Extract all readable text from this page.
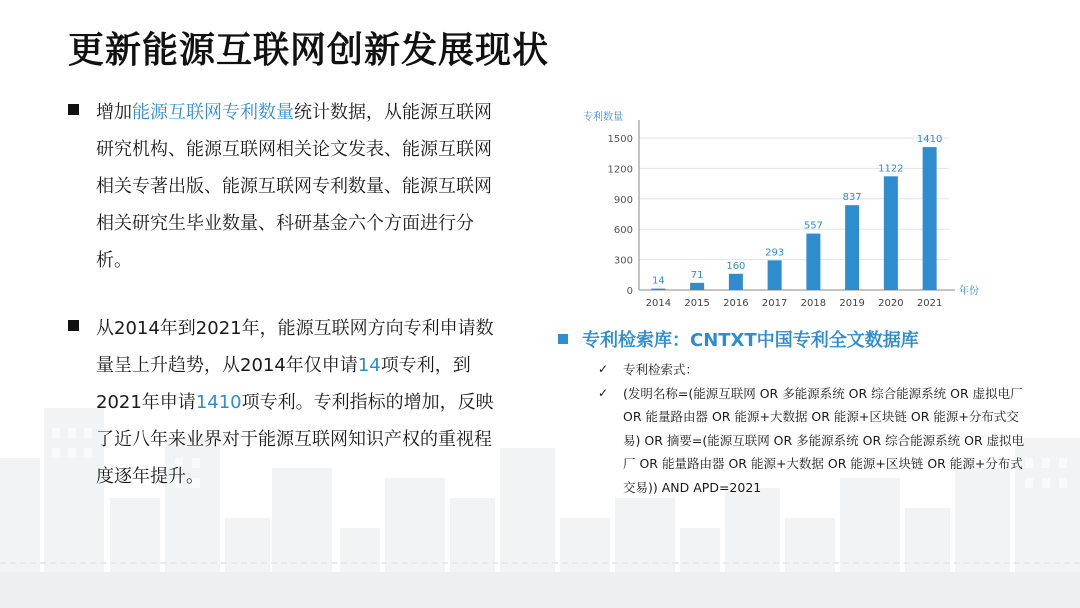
更新能源互联网创新发展现状

增加能源互联网专利数量统计数据，从能源互联网研究机构、能源互联网相关论文发表、能源互联网相关专著出版、能源互联网专利数量、能源互联网相关研究生毕业数量、科研基金六个方面进行分析。

从2014年到2021年，能源互联网方向专利申请数量呈上升趋势，从2014年仅申请14项专利，到2021年申请1410项专利。专利指标的增加，反映了近八年来业界对于能源互联网知识产权的重视程度逐年提升。

0
300
600
900
1200
1500
专利数量
年份
14
2014
71
2015
160
2016
293
2017
557
2018
837
2019
1122
2020
1410
2021
专利检索库：CNTXT中国专利全文数据库
✓ 专利检索式：
✓ (发明名称=(能源互联网 OR 多能源系统 OR 综合能源系统 OR 虚拟电厂 OR 能量路由器 OR 能源+大数据 OR 能源+区块链 OR 能源+分布式交易) OR 摘要=(能源互联网 OR 多能源系统 OR 综合能源系统 OR 虚拟电厂 OR 能量路由器 OR 能源+大数据 OR 能源+区块链 OR 能源+分布式交易)) AND APD=2021
